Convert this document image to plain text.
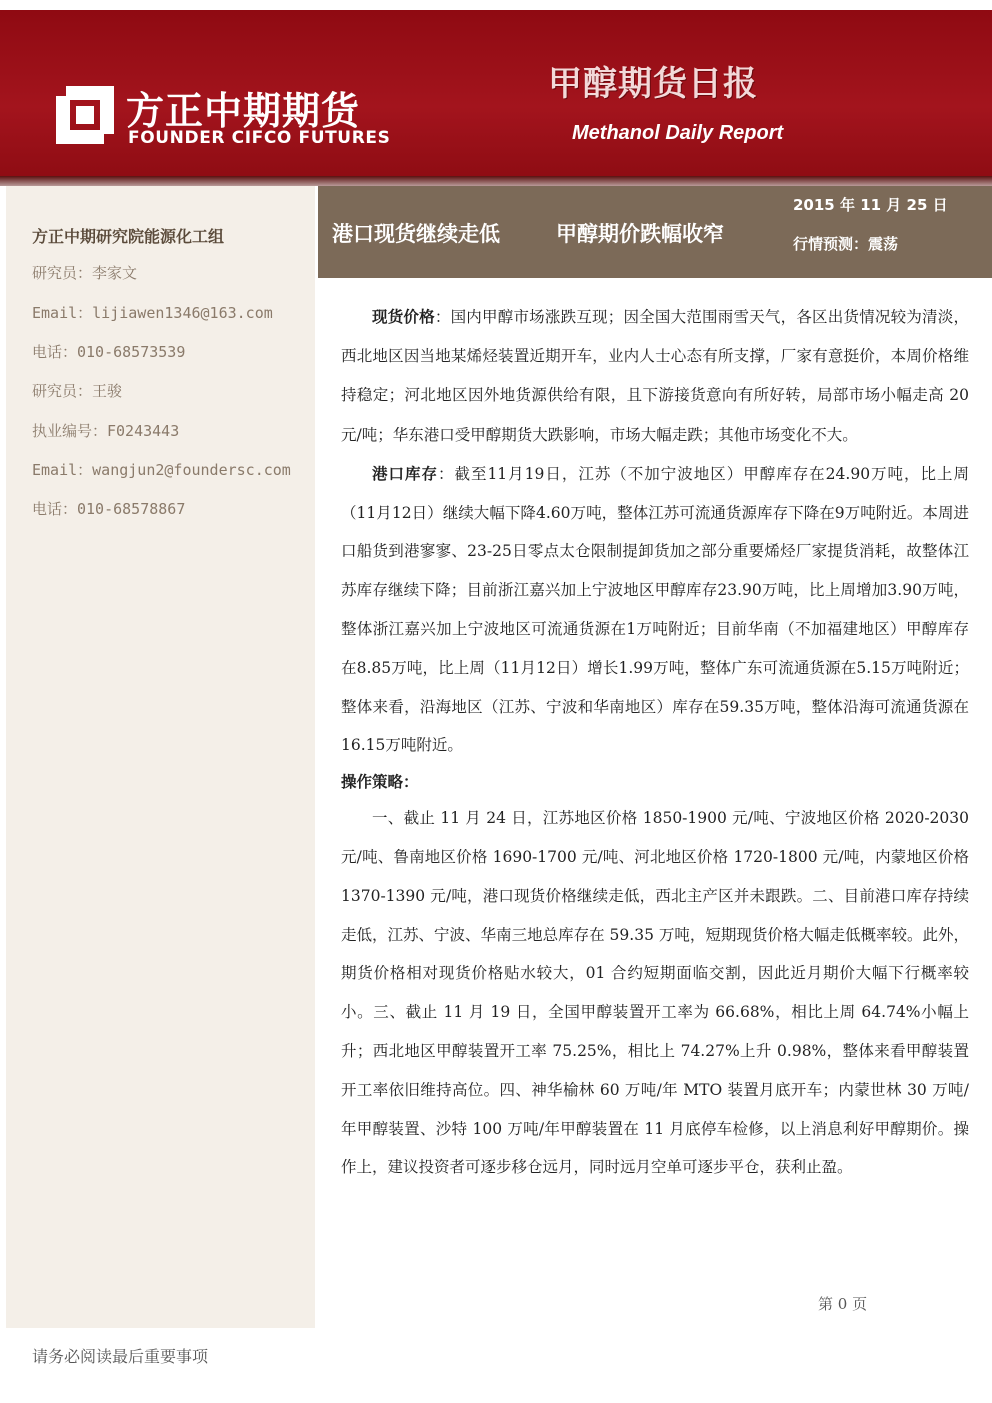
方正中期期货
FOUNDER CIFCO FUTURES
甲醇期货日报
Methanol Daily Report
方正中期研究院能源化工组
研究员：李家文
Email：lijiawen1346@163.com
电话：010-68573539
研究员：王骏
执业编号：F0243443
Email：wangjun2@foundersc.com
电话：010-68578867
港口现货继续走低	甲醇期价跌幅收窄
2015 年 11 月 25 日
行情预测：震荡

现货价格：国内甲醇市场涨跌互现；因全国大范围雨雪天气，各区出货情况较为清淡，西北地区因当地某烯烃装置近期开车，业内人士心态有所支撑，厂家有意挺价，本周价格维持稳定；河北地区因外地货源供给有限，且下游接货意向有所好转，局部市场小幅走高 20 元/吨；华东港口受甲醇期货大跌影响，市场大幅走跌；其他市场变化不大。

港口库存：截至11月19日，江苏（不加宁波地区）甲醇库存在24.90万吨，比上周（11月12日）继续大幅下降4.60万吨，整体江苏可流通货源库存下降在9万吨附近。本周进口船货到港寥寥、23-25日零点太仓限制提卸货加之部分重要烯烃厂家提货消耗，故整体江苏库存继续下降；目前浙江嘉兴加上宁波地区甲醇库存23.90万吨，比上周增加3.90万吨，整体浙江嘉兴加上宁波地区可流通货源在1万吨附近；目前华南（不加福建地区）甲醇库存在8.85万吨，比上周（11月12日）增长1.99万吨，整体广东可流通货源在5.15万吨附近；整体来看，沿海地区（江苏、宁波和华南地区）库存在59.35万吨，整体沿海可流通货源在16.15万吨附近。

操作策略：

一、截止 11 月 24 日，江苏地区价格 1850-1900 元/吨、宁波地区价格 2020-2030 元/吨、鲁南地区价格 1690-1700 元/吨、河北地区价格 1720-1800 元/吨，内蒙地区价格 1370-1390 元/吨，港口现货价格继续走低，西北主产区并未跟跌。二、目前港口库存持续走低，江苏、宁波、华南三地总库存在 59.35 万吨，短期现货价格大幅走低概率较。此外，期货价格相对现货价格贴水较大，01 合约短期面临交割，因此近月期价大幅下行概率较小。三、截止 11 月 19 日，全国甲醇装置开工率为 66.68%，相比上周 64.74%小幅上升；西北地区甲醇装置开工率 75.25%，相比上 74.27%上升 0.98%，整体来看甲醇装置开工率依旧维持高位。四、神华榆林 60 万吨/年 MTO 装置月底开车；内蒙世林 30 万吨/年甲醇装置、沙特 100 万吨/年甲醇装置在 11 月底停车检修，以上消息利好甲醇期价。操作上，建议投资者可逐步移仓远月，同时远月空单可逐步平仓，获利止盈。

第 0 页
请务必阅读最后重要事项
